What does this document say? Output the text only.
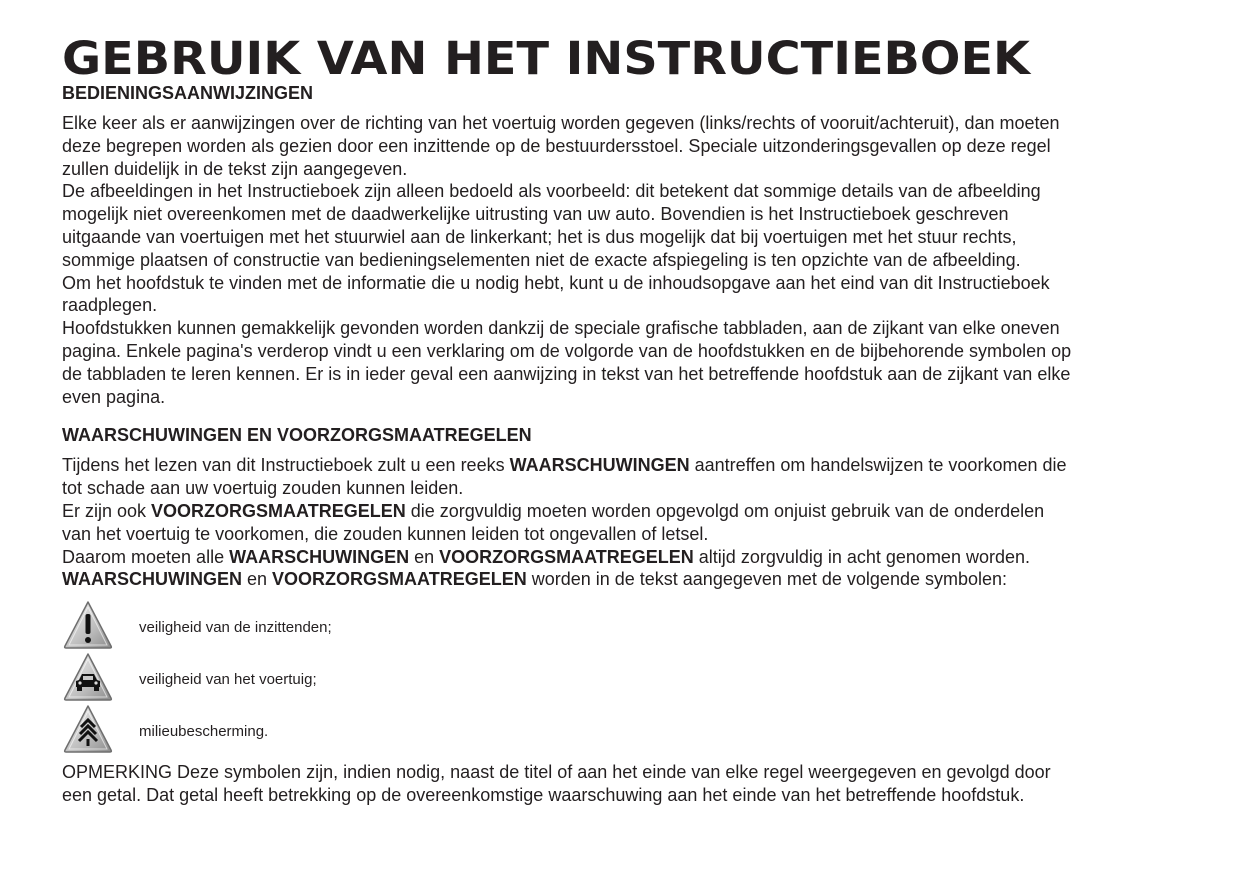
GEBRUIK VAN HET INSTRUCTIEBOEK
BEDIENINGSAANWIJZINGEN

Elke keer als er aanwijzingen over de richting van het voertuig worden gegeven (links/rechts of vooruit/achteruit), dan moeten

deze begrepen worden als gezien door een inzittende op de bestuurdersstoel. Speciale uitzonderingsgevallen op deze regel

zullen duidelijk in de tekst zijn aangegeven.

De afbeeldingen in het Instructieboek zijn alleen bedoeld als voorbeeld: dit betekent dat sommige details van de afbeelding

mogelijk niet overeenkomen met de daadwerkelijke uitrusting van uw auto. Bovendien is het Instructieboek geschreven

uitgaande van voertuigen met het stuurwiel aan de linkerkant; het is dus mogelijk dat bij voertuigen met het stuur rechts,

sommige plaatsen of constructie van bedieningselementen niet de exacte afspiegeling is ten opzichte van de afbeelding.

Om het hoofdstuk te vinden met de informatie die u nodig hebt, kunt u de inhoudsopgave aan het eind van dit Instructieboek

raadplegen.

Hoofdstukken kunnen gemakkelijk gevonden worden dankzij de speciale grafische tabbladen, aan de zijkant van elke oneven

pagina. Enkele pagina's verderop vindt u een verklaring om de volgorde van de hoofdstukken en de bijbehorende symbolen op

de tabbladen te leren kennen. Er is in ieder geval een aanwijzing in tekst van het betreffende hoofdstuk aan de zijkant van elke

even pagina.

WAARSCHUWINGEN EN VOORZORGSMAATREGELEN

Tijdens het lezen van dit Instructieboek zult u een reeks WAARSCHUWINGEN aantreffen om handelswijzen te voorkomen die

tot schade aan uw voertuig zouden kunnen leiden.

Er zijn ook VOORZORGSMAATREGELEN die zorgvuldig moeten worden opgevolgd om onjuist gebruik van de onderdelen

van het voertuig te voorkomen, die zouden kunnen leiden tot ongevallen of letsel.

Daarom moeten alle WAARSCHUWINGEN en VOORZORGSMAATREGELEN altijd zorgvuldig in acht genomen worden.

WAARSCHUWINGEN en VOORZORGSMAATREGELEN worden in de tekst aangegeven met de volgende symbolen:

veiligheid van de inzittenden;
veiligheid van het voertuig;
milieubescherming.

OPMERKING Deze symbolen zijn, indien nodig, naast de titel of aan het einde van elke regel weergegeven en gevolgd door

een getal. Dat getal heeft betrekking op de overeenkomstige waarschuwing aan het einde van het betreffende hoofdstuk.
